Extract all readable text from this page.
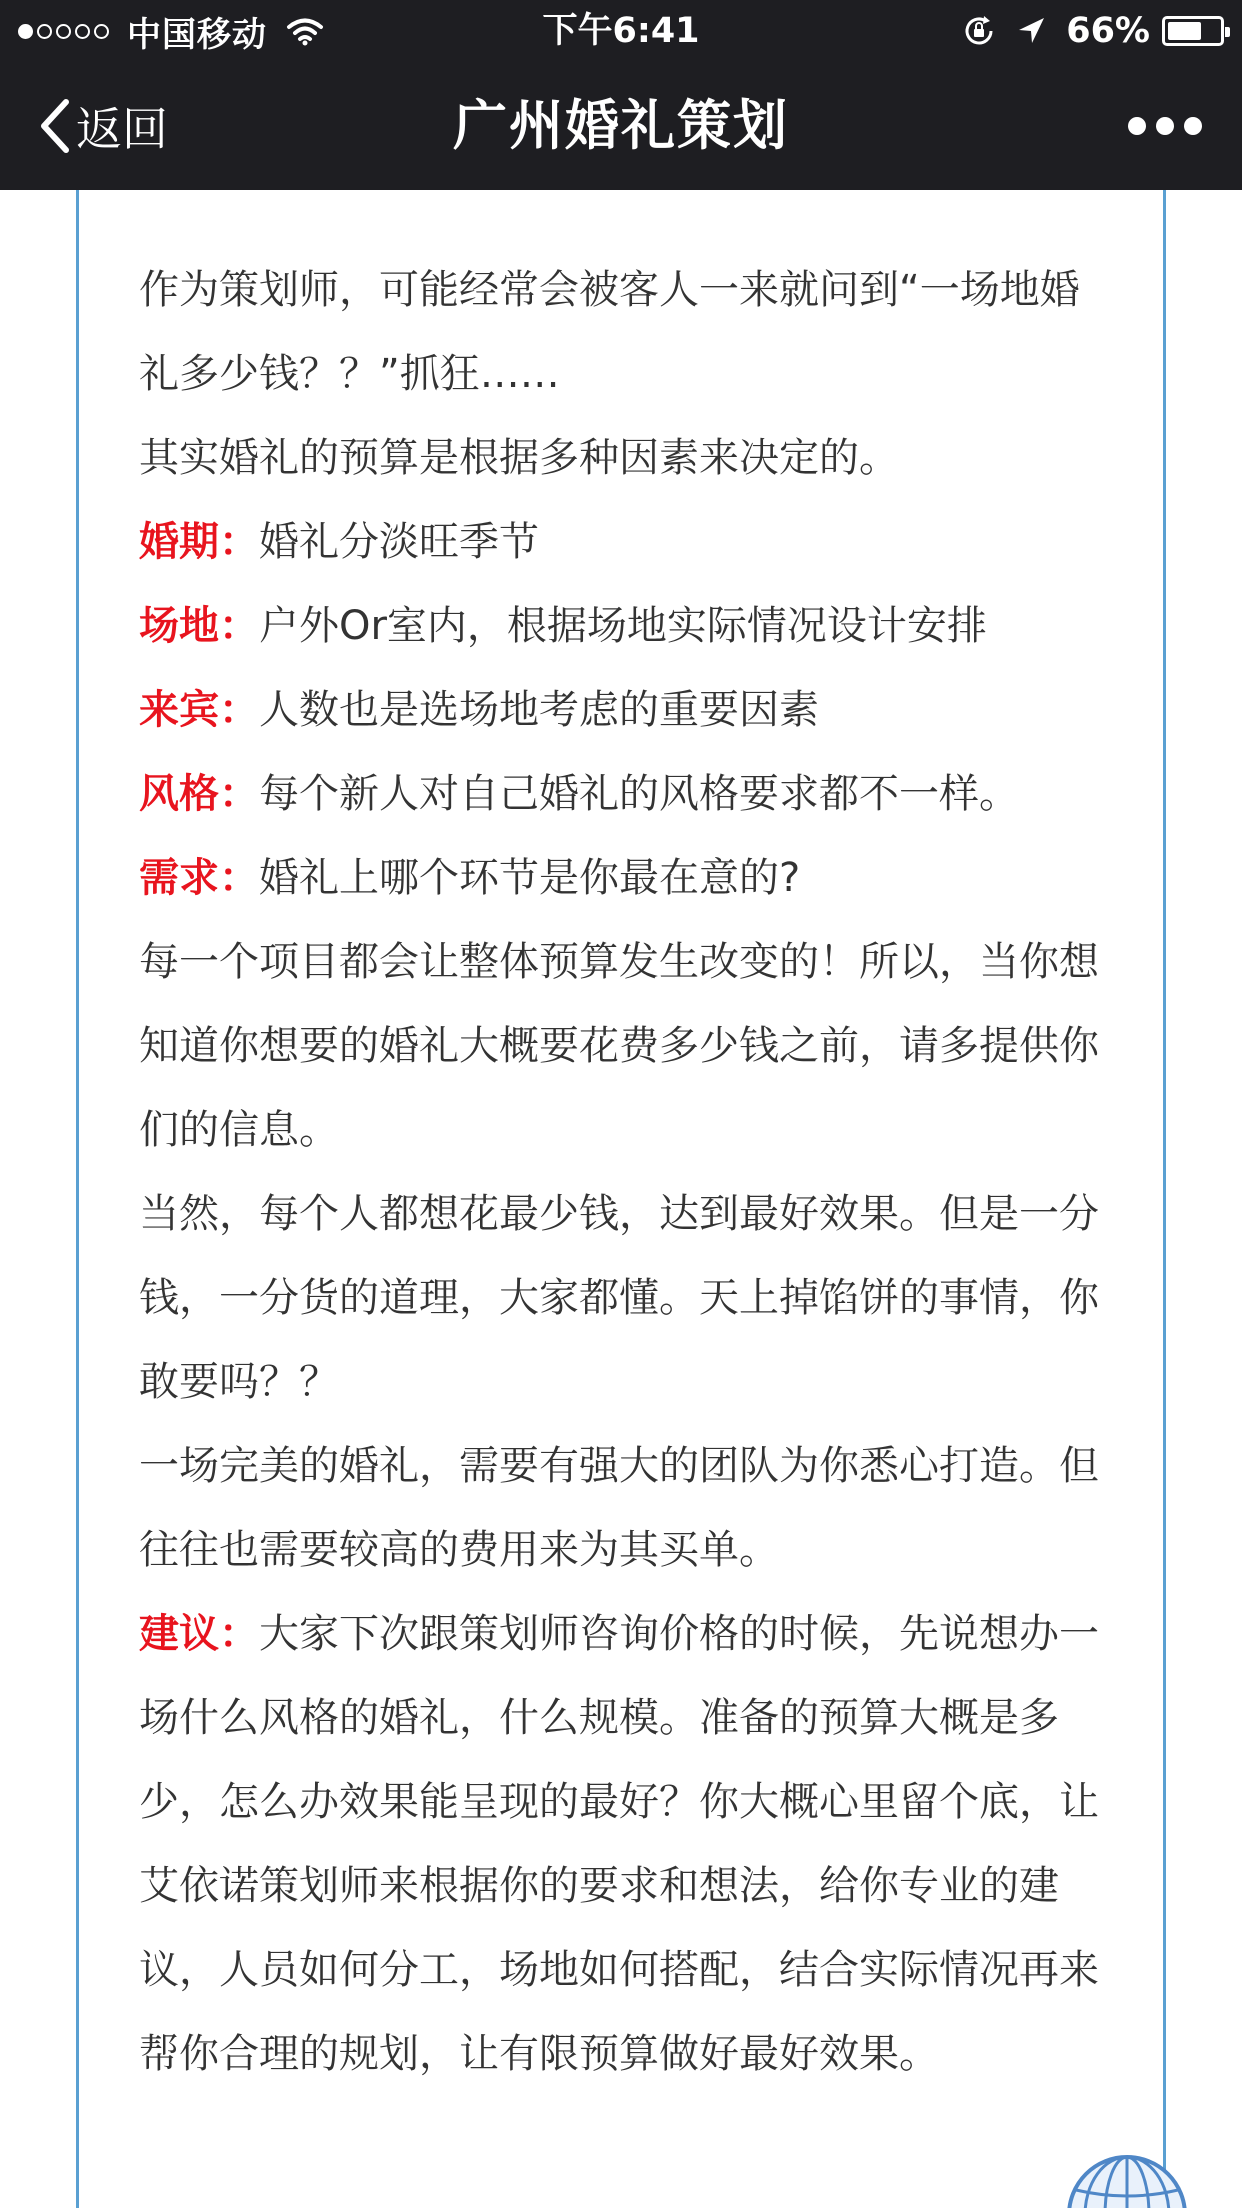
中国移动	下午6:41	66%
返回	广州婚礼策划

作为策划师，可能经常会被客人一来就问到“一场地婚礼多少钱？？”抓狂……

其实婚礼的预算是根据多种因素来决定的。

婚期：婚礼分淡旺季节

场地：户外Or室内，根据场地实际情况设计安排

来宾：人数也是选场地考虑的重要因素

风格：每个新人对自己婚礼的风格要求都不一样。

需求：婚礼上哪个环节是你最在意的?

每一个项目都会让整体预算发生改变的！所以，当你想知道你想要的婚礼大概要花费多少钱之前，请多提供你们的信息。

当然，每个人都想花最少钱，达到最好效果。但是一分钱，一分货的道理，大家都懂。天上掉馅饼的事情，你敢要吗？？

一场完美的婚礼，需要有强大的团队为你悉心打造。但往往也需要较高的费用来为其买单。

建议：大家下次跟策划师咨询价格的时候，先说想办一场什么风格的婚礼，什么规模。准备的预算大概是多少，怎么办效果能呈现的最好？你大概心里留个底，让艾依诺策划师来根据你的要求和想法，给你专业的建议，人员如何分工，场地如何搭配，结合实际情况再来帮你合理的规划，让有限预算做好最好效果。
